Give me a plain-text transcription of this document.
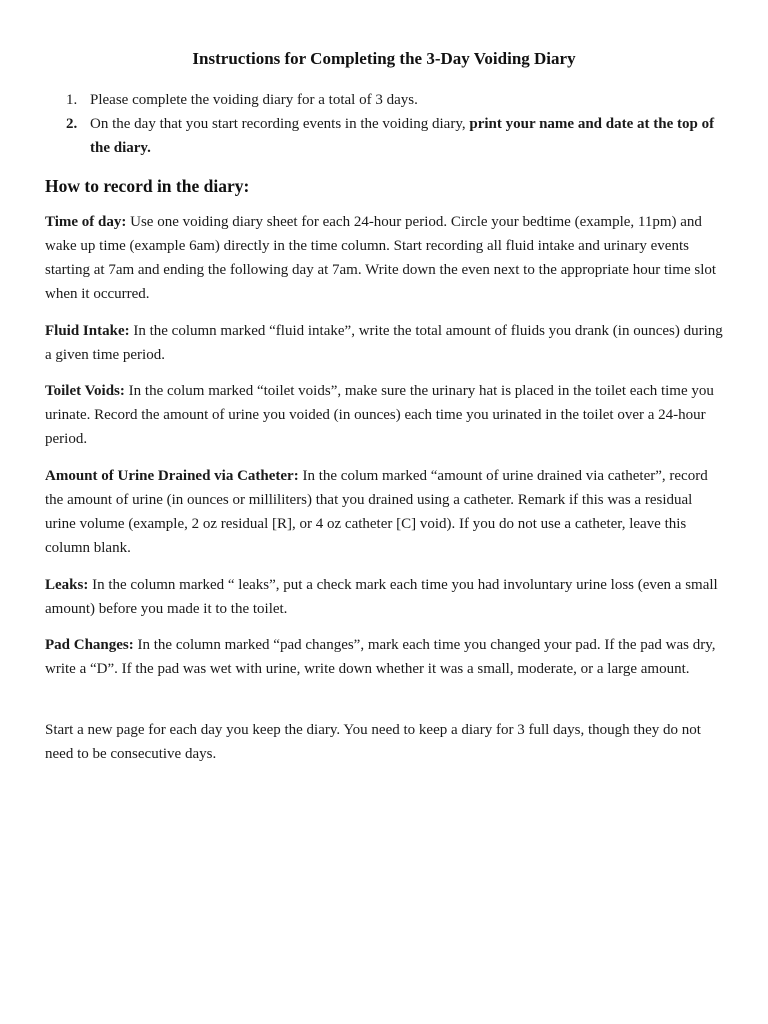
Instructions for Completing the 3-Day Voiding Diary
1. Please complete the voiding diary for a total of 3 days.
2. On the day that you start recording events in the voiding diary, print your name and date at the top of the diary.
How to record in the diary:

Time of day: Use one voiding diary sheet for each 24-hour period. Circle your bedtime (example, 11pm) and wake up time (example 6am) directly in the time column. Start recording all fluid intake and urinary events starting at 7am and ending the following day at 7am. Write down the even next to the appropriate hour time slot when it occurred.

Fluid Intake: In the column marked “fluid intake”, write the total amount of fluids you drank (in ounces) during a given time period.

Toilet Voids: In the colum marked “toilet voids”, make sure the urinary hat is placed in the toilet each time you urinate. Record the amount of urine you voided (in ounces) each time you urinated in the toilet over a 24-hour period.

Amount of Urine Drained via Catheter: In the colum marked “amount of urine drained via catheter”, record the amount of urine (in ounces or milliliters) that you drained using a catheter. Remark if this was a residual urine volume (example, 2 oz residual [R], or 4 oz catheter [C] void). If you do not use a catheter, leave this column blank.

Leaks: In the column marked “ leaks”, put a check mark each time you had involuntary urine loss (even a small amount) before you made it to the toilet.

Pad Changes: In the column marked “pad changes”, mark each time you changed your pad. If the pad was dry, write a “D”. If the pad was wet with urine, write down whether it was a small, moderate, or a large amount.

Start a new page for each day you keep the diary. You need to keep a diary for 3 full days, though they do not need to be consecutive days.
